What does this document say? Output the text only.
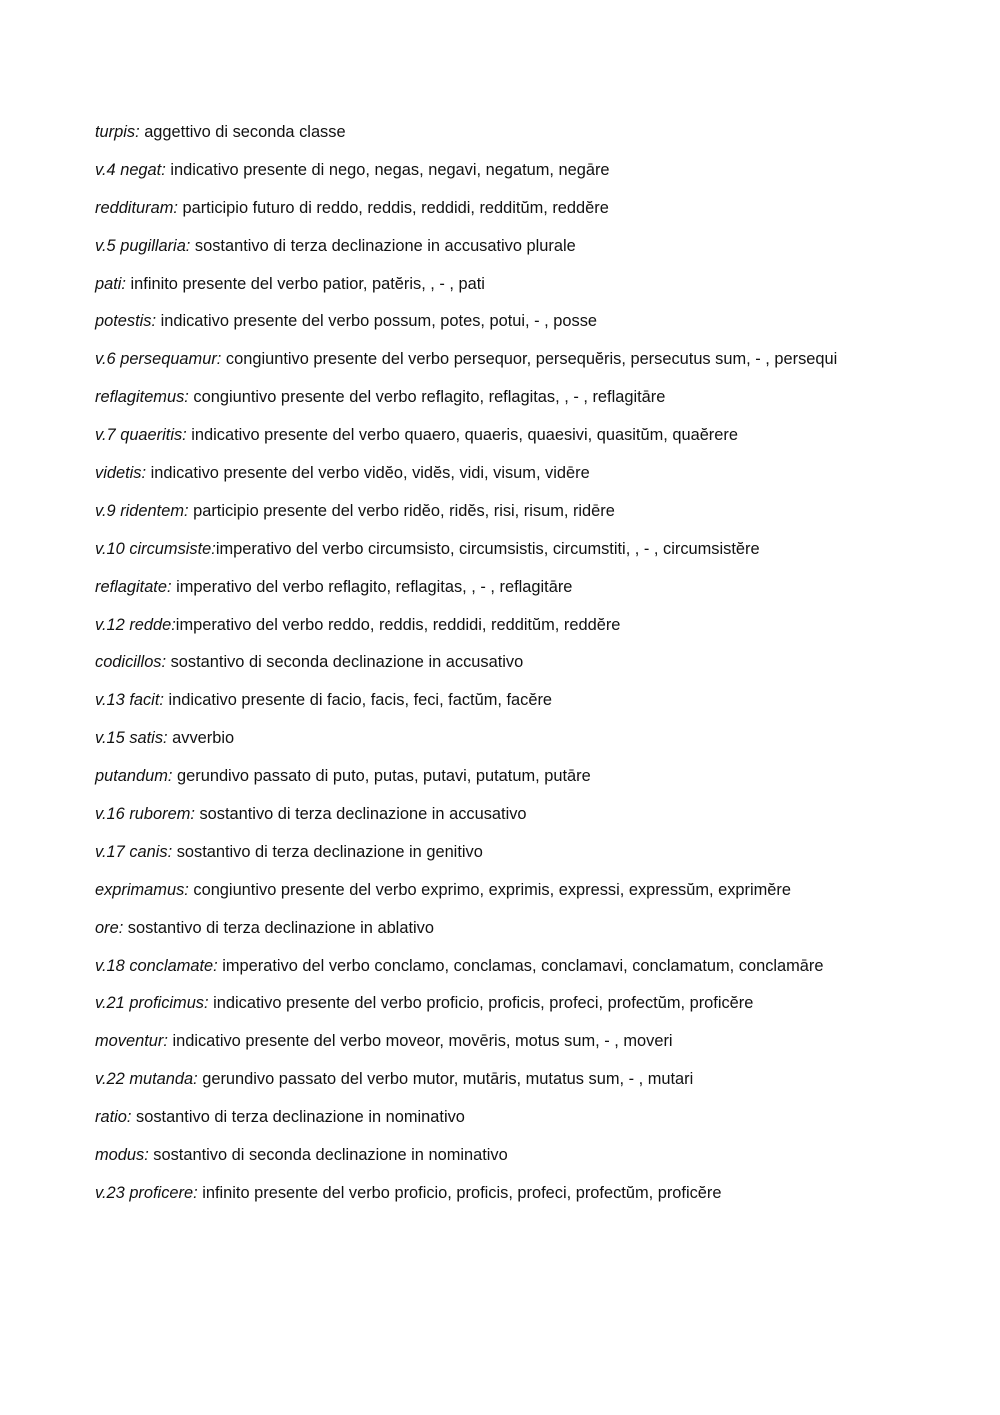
turpis: aggettivo di seconda classe
v.4 negat: indicativo presente di nego, negas, negavi, negatum, negāre
reddituram: participio futuro di reddo, reddis, reddidi, redditŭm, reddĕre
v.5 pugillaria: sostantivo di terza declinazione in accusativo plurale
pati: infinito presente del verbo patior, patĕris, , - , pati
potestis: indicativo presente del verbo possum, potes, potui, - , posse
v.6 persequamur: congiuntivo presente del verbo persequor, persequĕris, persecutus sum, - , persequi
reflagitemus: congiuntivo presente del verbo reflagito, reflagitas, , - , reflagitāre
v.7 quaeritis: indicativo presente del verbo quaero, quaeris, quaesivi, quasitŭm, quaĕrere
videtis: indicativo presente del verbo vidĕo, vidĕs, vidi, visum, vidēre
v.9 ridentem: participio presente del verbo ridĕo, ridĕs, risi, risum, ridēre
v.10 circumsiste:imperativo del verbo circumsisto, circumsistis, circumstiti, , - , circumsistĕre
reflagitate: imperativo del verbo reflagito, reflagitas, , - , reflagitāre
v.12 redde:imperativo del verbo reddo, reddis, reddidi, redditŭm, reddĕre
codicillos: sostantivo di seconda declinazione in accusativo
v.13 facit: indicativo presente di facio, facis, feci, factŭm, facĕre
v.15 satis: avverbio
putandum: gerundivo passato di puto, putas, putavi, putatum, putāre
v.16 ruborem: sostantivo di terza declinazione in accusativo
v.17 canis: sostantivo di terza declinazione in genitivo
exprimamus: congiuntivo presente del verbo exprimo, exprimis, expressi, expressŭm, exprimĕre
ore: sostantivo di terza declinazione in ablativo
v.18 conclamate: imperativo del verbo conclamo, conclamas, conclamavi, conclamatum, conclamāre
v.21 proficimus: indicativo presente del verbo proficio, proficis, profeci, profectŭm, proficĕre
moventur: indicativo presente del verbo moveor, movēris, motus sum, - , moveri
v.22 mutanda: gerundivo passato del verbo mutor, mutāris, mutatus sum, - , mutari
ratio: sostantivo di terza declinazione in nominativo
modus: sostantivo di seconda declinazione in nominativo
v.23 proficere: infinito presente del verbo proficio, proficis, profeci, profectŭm, proficĕre
